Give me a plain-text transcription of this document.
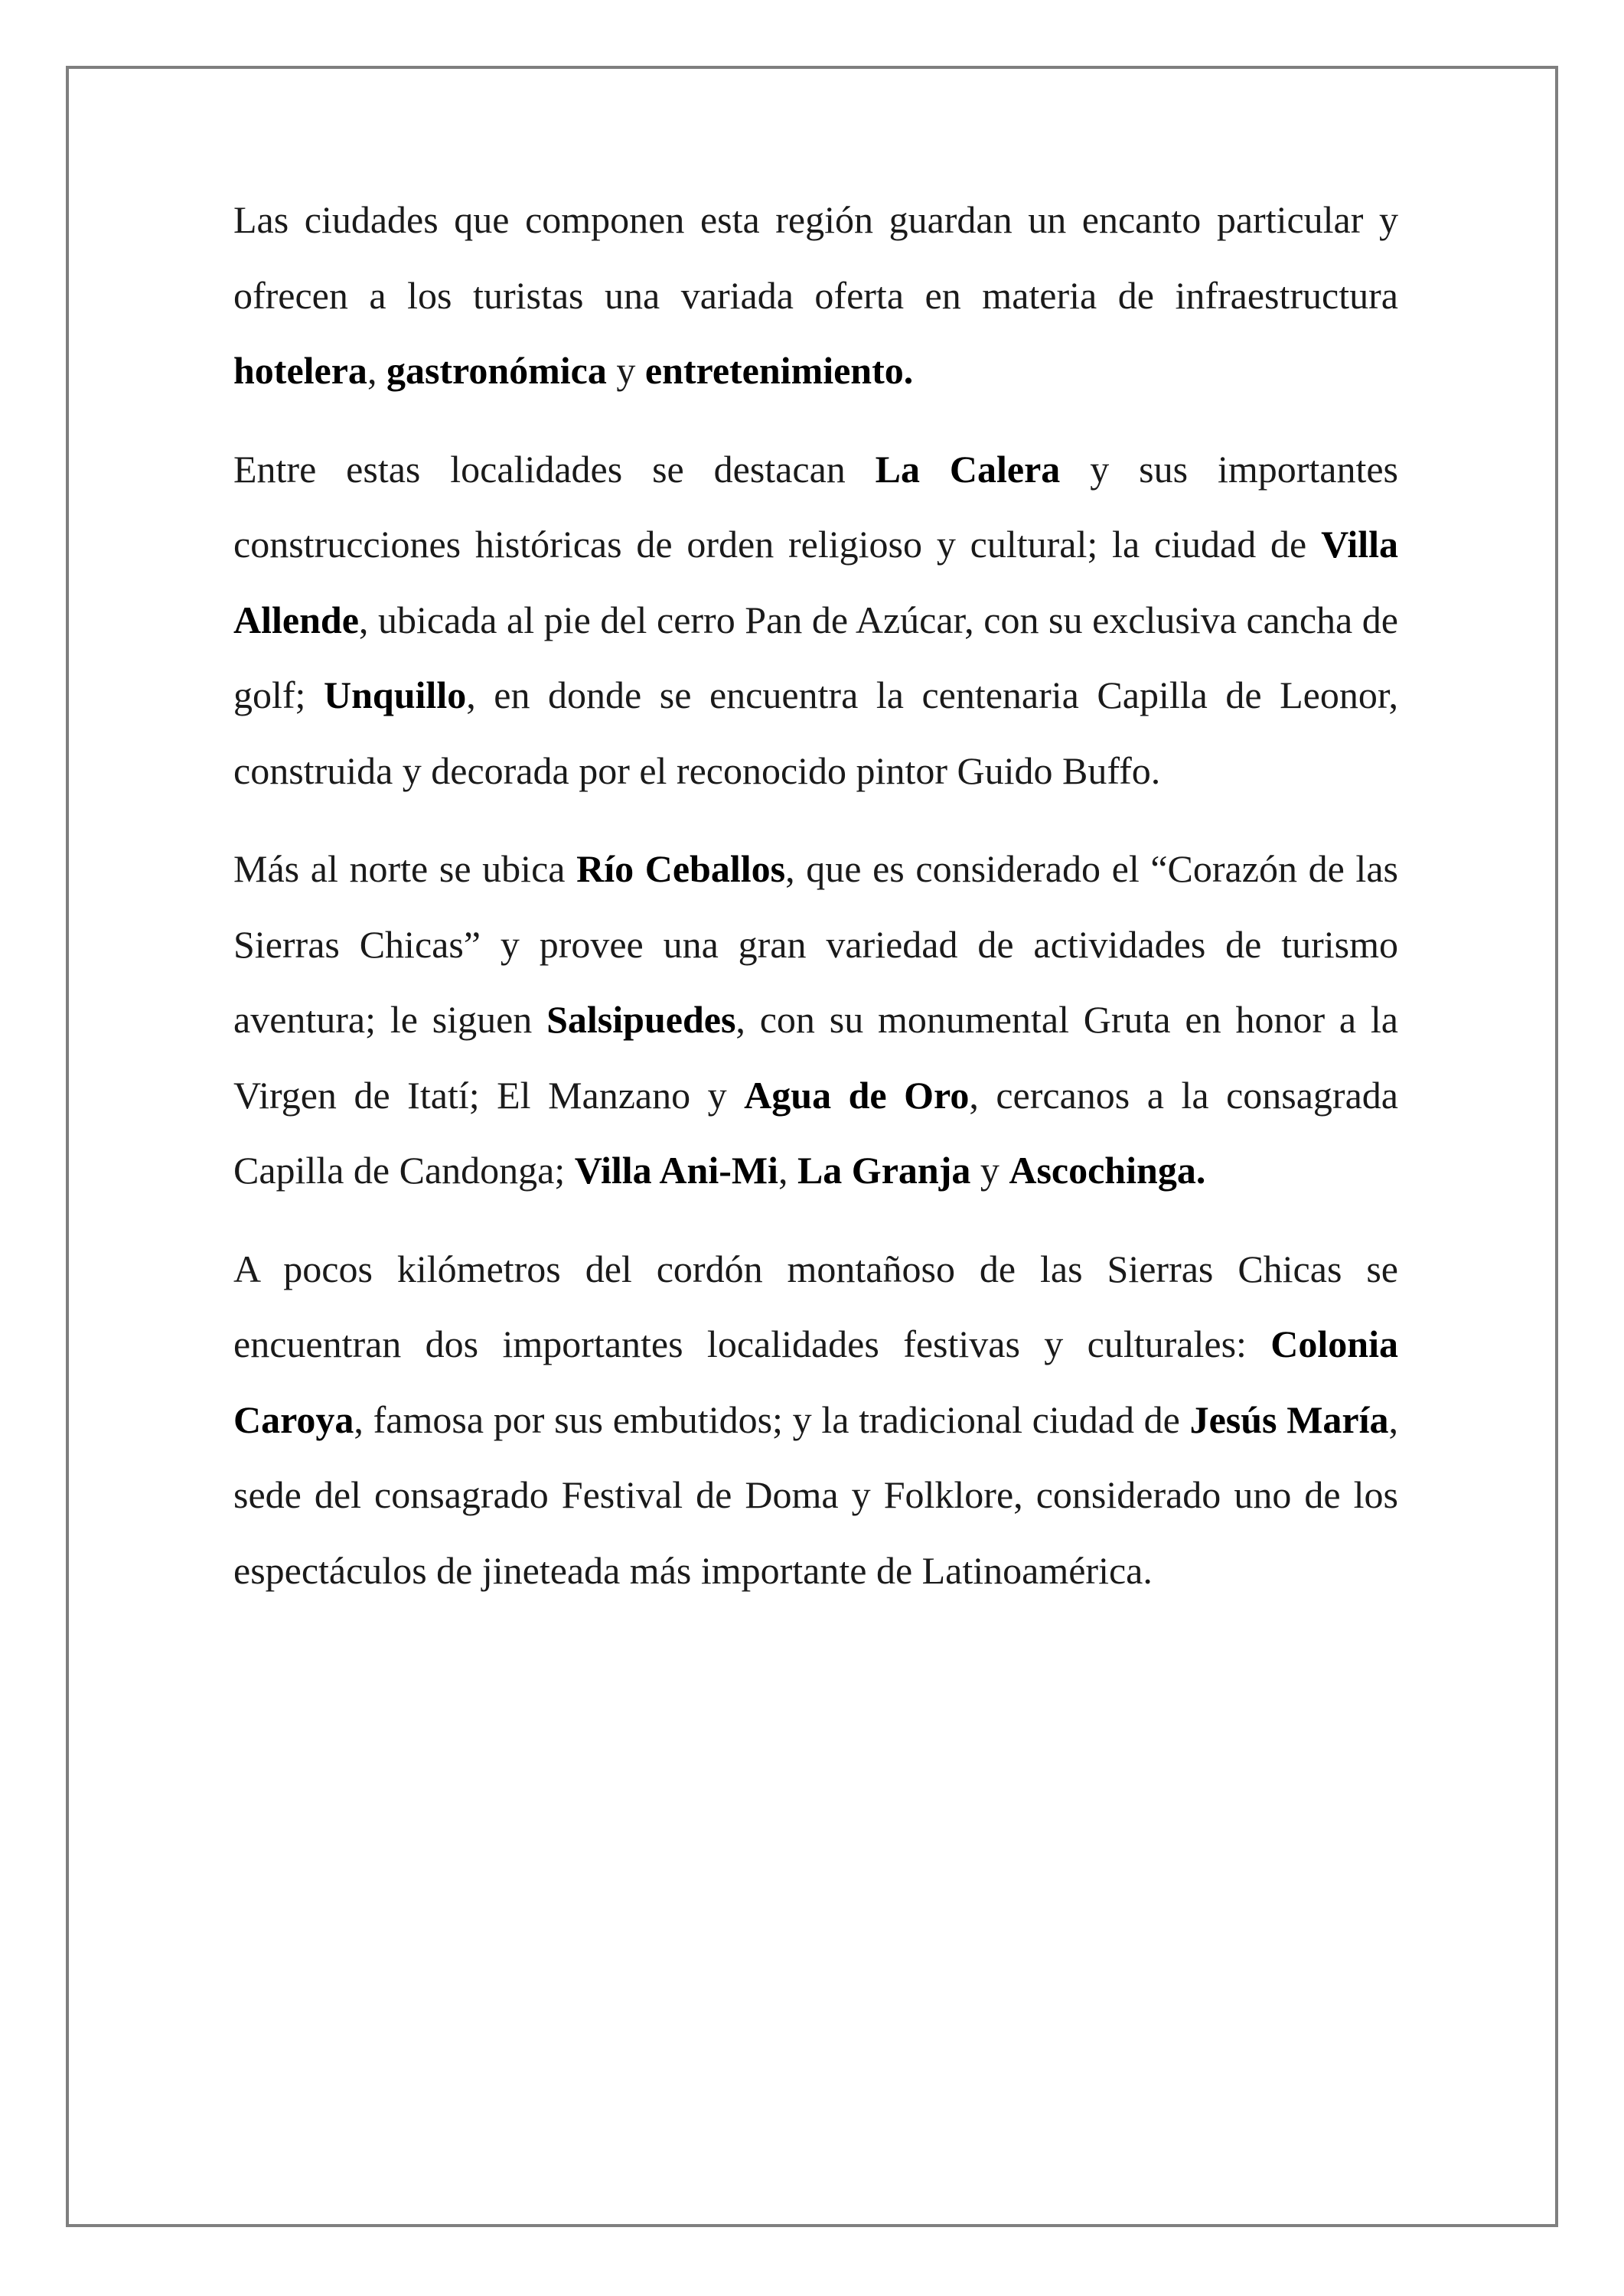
Las ciudades que componen esta región guardan un encanto particular y ofrecen a los turistas una variada oferta en materia de infraestructura hotelera, gastronómica y entretenimiento.

Entre estas localidades se destacan La Calera y sus importantes construcciones históricas de orden religioso y cultural; la ciudad de Villa Allende, ubicada al pie del cerro Pan de Azúcar, con su exclusiva cancha de golf; Unquillo, en donde se encuentra la centenaria Capilla de Leonor, construida y decorada por el reconocido pintor Guido Buffo.

Más al norte se ubica Río Ceballos, que es considerado el “Corazón de las Sierras Chicas” y provee una gran variedad de actividades de turismo aventura; le siguen Salsipuedes, con su monumental Gruta en honor a la Virgen de Itatí; El Manzano y Agua de Oro, cercanos a la consagrada Capilla de Candonga; Villa Ani-Mi, La Granja y Ascochinga.

A pocos kilómetros del cordón montañoso de las Sierras Chicas se encuentran dos importantes localidades festivas y culturales: Colonia Caroya, famosa por sus embutidos; y la tradicional ciudad de Jesús María, sede del consagrado Festival de Doma y Folklore, considerado uno de los espectáculos de jineteada más importante de Latinoamérica.
